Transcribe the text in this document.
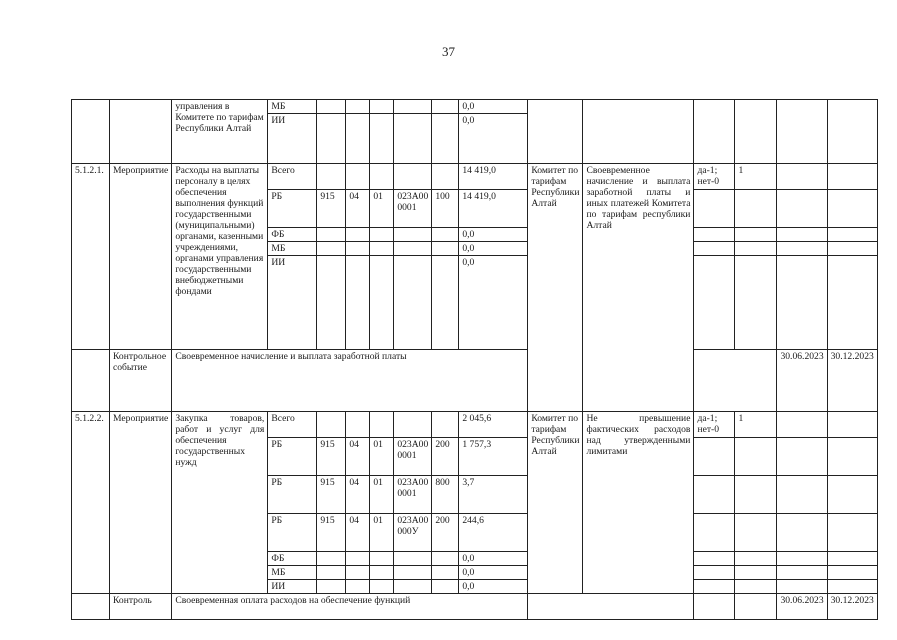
37
		управления в Комитете по тарифам Республики Алтай	МБ						0,0						
			ИИ						0,0						
5.1.2.1.	Мероприятие	Расходы на выплаты персоналу в целях обеспечения выполнения функций государственными (муниципальными) органами, казенными учреждениями, органами управления государственными внебюджетными фондами	Всего						14 419,0	Комитет по тарифам Республики Алтай	Своевременное начисление и выплата заработной платы и иных платежей Комитета по тарифам республики Алтай	да-1; нет-0	1		
			РБ	915	04	01	023А000001	100	14 419,0						
			ФБ						0,0						
			МБ						0,0						
			ИИ						0,0						
	Контрольное событие	Своевременное начисление и выплата заработной платы												30.06.2023	30.12.2023
5.1.2.2.	Мероприятие	Закупка товаров, работ и услуг для обеспечения государственных нужд	Всего						2 045,6	Комитет по тарифам Республики Алтай	Не превышение фактических расходов над утвержденными лимитами	да-1; нет-0	1		
			РБ	915	04	01	023А000001	200	1 757,3						
			РБ	915	04	01	023А000001	800	3,7						
			РБ	915	04	01	023А00000У	200	244,6						
			ФБ						0,0						
			МБ						0,0						
			ИИ						0,0						
	Контроль	Своевременная оплата расходов на обеспечение функций												30.06.2023	30.12.2023
